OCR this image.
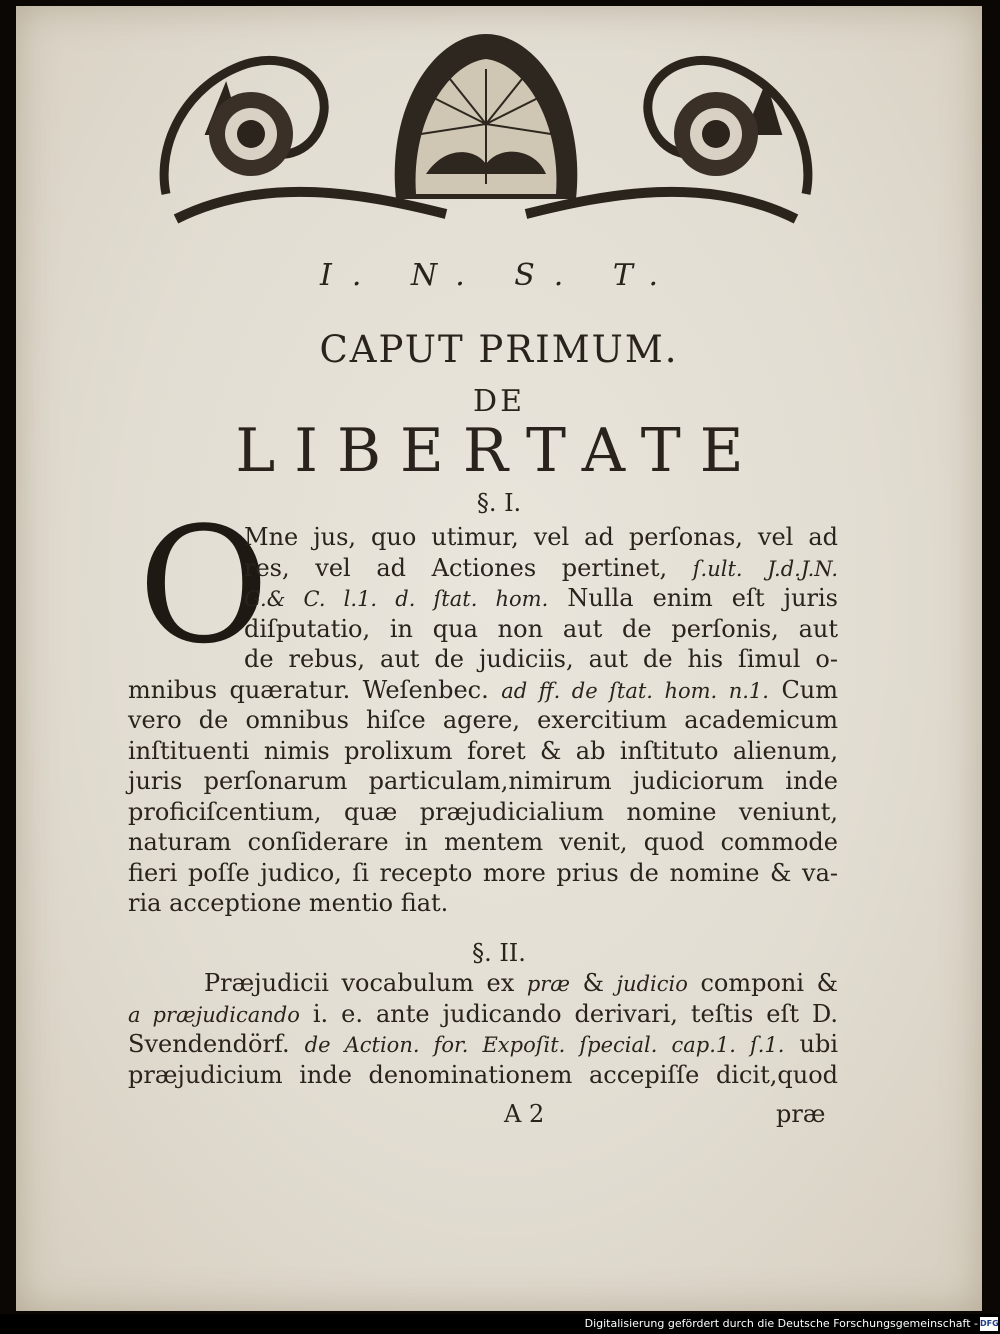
I. N. S. T.
CAPUT PRIMUM.
DE
LIBERTATE
§. I.
O
Mne jus, quo utimur, vel ad perſonas, vel ad
res, vel ad Actiones pertinet, ſ.ult. J.d.J.N.
G.& C. l.1. d. ſtat. hom. Nulla enim eſt juris
diſputatio, in qua non aut de perſonis, aut
de rebus, aut de judiciis, aut de his ſimul o-
mnibus quæratur. Weſenbec. ad ff. de ſtat. hom. n.1. Cum
vero de omnibus hiſce agere, exercitium academicum
inſtituenti nimis prolixum foret & ab inſtituto alienum,
juris perſonarum particulam,nimirum judiciorum inde
proficiſcentium, quæ præjudicialium nomine veniunt,
naturam conſiderare in mentem venit, quod commode
fieri poſſe judico, ſi recepto more prius de nomine & va-
ria acceptione mentio fiat.
§. II.
Præjudicii vocabulum ex præ & judicio componi &
a præjudicando i. e. ante judicando derivari, teſtis eſt D.
Svendendörf. de Action. for. Expoſit. ſpecial. cap.1. ſ.1. ubi
præjudicium inde denominationem accepiſſe dicit,quod
A 2	præ
Digitalisierung gefördert durch die Deutsche Forschungsgemeinschaft - DFG
